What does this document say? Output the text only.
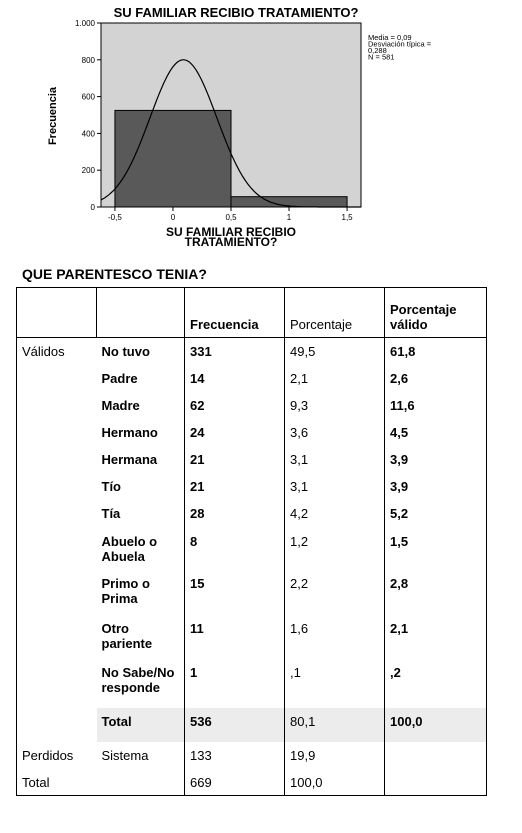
SU FAMILIAR RECIBIO TRATAMIENTO?
0
200
400
600
800
1.000
-0,5	0	0,5	1	1,5
Frecuencia
SU FAMILIAR RECIBIO
TRATAMIENTO?
Media = 0,09
Desviación típica =
0,288
N = 581
QUE PARENTESCO TENIA?
		Frecuencia	Porcentaje	Porcentaje
válido
Válidos	No tuvo	331	49,5	61,8
	Padre	14	2,1	2,6
	Madre	62	9,3	11,6
	Hermano	24	3,6	4,5
	Hermana	21	3,1	3,9
	Tío	21	3,1	3,9
	Tía	28	4,2	5,2
	Abuelo o Abuela	8	1,2	1,5
	Primo o Prima	15	2,2	2,8
	Otro pariente	11	1,6	2,1
	No Sabe/No responde	1	,1	,2
	Total	536	80,1	100,0
Perdidos	Sistema	133	19,9	
Total		669	100,0	
